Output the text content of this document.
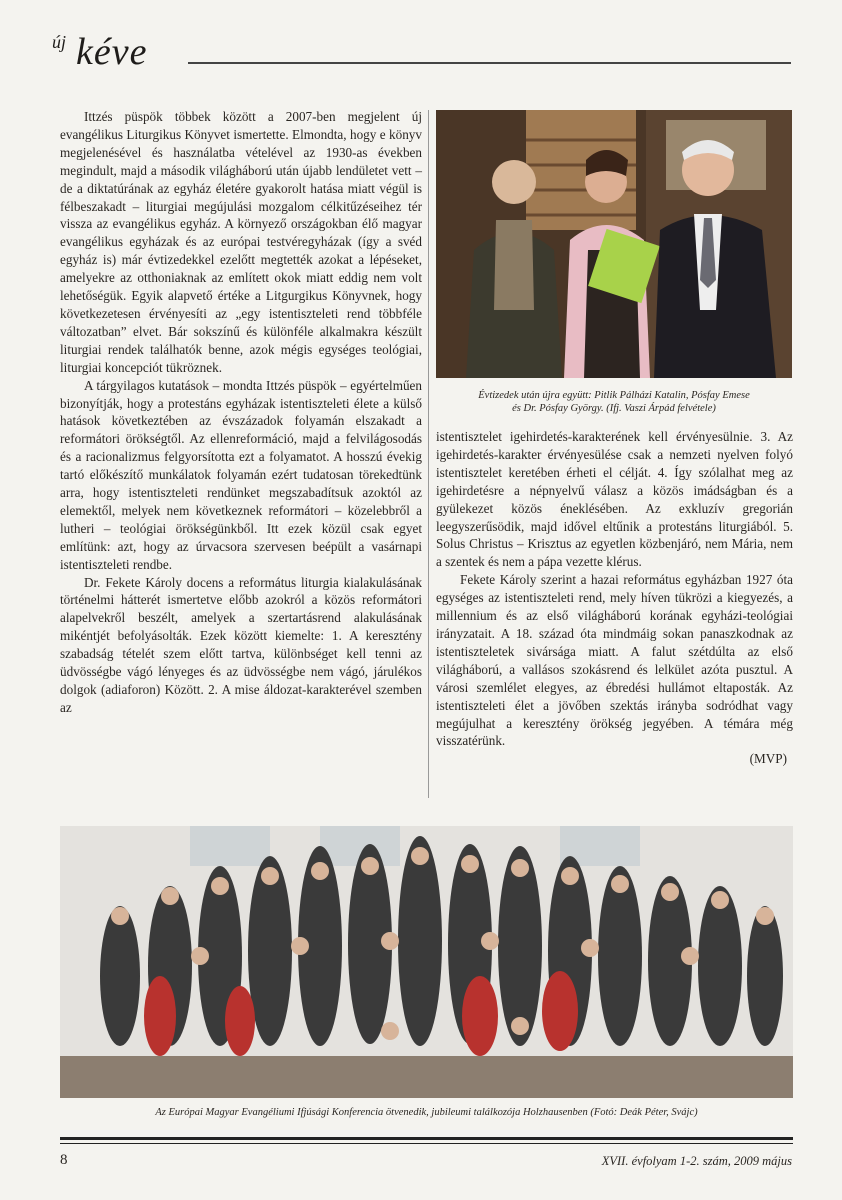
új kéve

Ittzés püspök többek között a 2007-ben megjelent új evangélikus Liturgikus Könyvet ismertette. Elmondta, hogy e könyv megjelenésével és használatba vételével az 1930-as években megindult, majd a második világháború után újabb lendületet vett – de a diktatúrának az egyház életére gyakorolt hatása miatt végül is félbeszakadt – liturgiai megújulási mozgalom célkitűzéseihez tér vissza az evangélikus egyház. A környező országokban élő magyar evangélikus egyházak és az európai testvéregyházak (így a svéd egyház is) már évtizedekkel ezelőtt megtették azokat a lépéseket, amelyekre az otthoniaknak az említett okok miatt eddig nem volt lehetőségük. Egyik alapvető értéke a Litgurgikus Könyvnek, hogy következetesen érvényesíti az „egy istentiszteleti rend többféle változatban” elvet. Bár sokszínű és különféle alkalmakra készült liturgiai rendek találhatók benne, azok mégis egységes teológiai, liturgiai koncepciót tükröznek.

A tárgyilagos kutatások – mondta Ittzés püspök – egyértelműen bizonyítják, hogy a protestáns egyházak istentiszteleti élete a külső hatások következtében az évszázadok folyamán elszakadt a reformátori örökségtől. Az ellenreformáció, majd a felvilágosodás és a racionalizmus felgyorsította ezt a folyamatot. A hosszú évekig tartó előkészítő munkálatok folyamán ezért tudatosan törekedtünk arra, hogy istentiszteleti rendünket megszabadítsuk azoktól az elemektől, melyek nem következnek reformátori – közelebbről a lutheri – teológiai örökségünkből. Itt ezek közül csak egyet említünk: azt, hogy az úrvacsora szervesen beépült a vasárnapi istentiszteleti rendbe.

Dr. Fekete Károly docens a református liturgia kialakulásának történelmi hátterét ismertetve előbb azokról a közös reformátori alapelvekről beszélt, amelyek a szertartásrend alakulásának mikéntjét befolyásolták. Ezek között kiemelte: 1. A keresztény szabadság tételét szem előtt tartva, különbséget kell tenni az üdvösségbe vágó lényeges és az üdvösségbe nem vágó, járulékos dolgok (adiaforon) Között. 2. A mise áldozat-karakterével szemben az

Évtizedek után újra együtt: Pitlik Pálházi Katalin, Pósfay Emese
és Dr. Pósfay György. (Ifj. Vaszi Árpád felvétele)

istentisztelet igehirdetés-karakterének kell érvényesülnie. 3. Az igehirdetés-karakter érvényesülése csak a nemzeti nyelven folyó istentisztelet keretében érheti el célját. 4. Így szólalhat meg az igehirdetésre a népnyelvű válasz a közös imádságban és a gyülekezet közös éneklésében. Az exkluzív gregorián leegyszerűsödik, majd idővel eltűnik a protestáns liturgiából. 5. Solus Christus – Krisztus az egyetlen közbenjáró, nem Mária, nem a szentek és nem a pápa vezette klérus.

Fekete Károly szerint a hazai református egyházban 1927 óta egységes az istentiszteleti rend, mely híven tükrözi a kiegyezés, a millennium és az első világháború korának egyházi-teológiai irányzatait. A 18. század óta mindmáig sokan panaszkodnak az istentiszteletek sivársága miatt. A falut szétdúlta az első világháború, a vallásos szokásrend és lelkület azóta pusztul. A városi szemlélet elegyes, az ébredési hullámot eltaposták. Az istentiszteleti élet a jövőben szektás irányba sodródhat vagy megújulhat a keresztény örökség jegyében. A témára még visszatérünk.

(MVP)
Az Európai Magyar Evangéliumi Ifjúsági Konferencia ötvenedik, jubileumi találkozója Holzhausenben (Fotó: Deák Péter, Svájc)
8	XVII. évfolyam 1-2. szám, 2009 május
